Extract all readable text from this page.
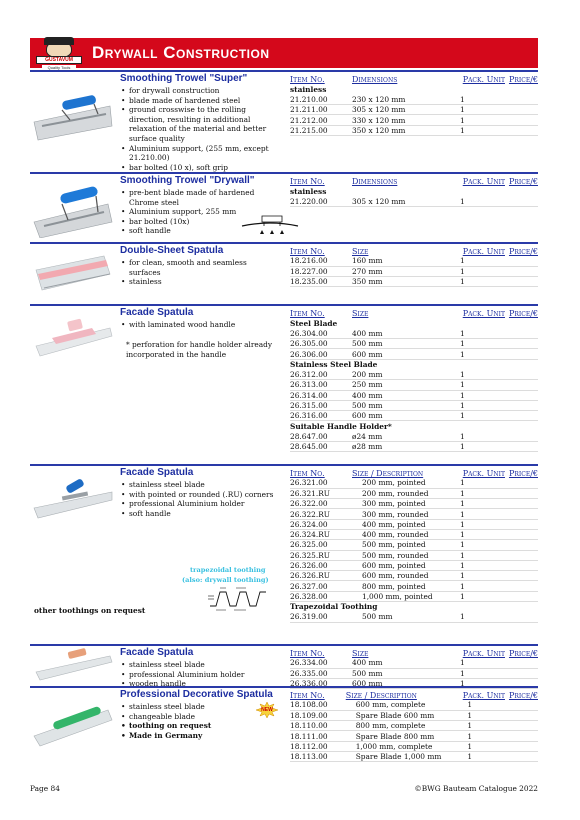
GUSTAVUM
Quality Tools
Drywall Construction
Smoothing Trowel "Super"
• for drywall construction
• blade made of hardened steel
• ground crosswise to the rolling direction, resulting in additional relaxation of the material and better surface quality
• Aluminium support, (255 mm, except 21.210.00)
• bar bolted (10 x), soft grip
Item No.	Dimensions	Pack. Unit Price/€
stainless		
21.210.00	230 x 120 mm	1
21.211.00	305 x 120 mm	1
21.212.00	330 x 120 mm	1
21.215.00	350 x 120 mm	1
Smoothing Trowel "Drywall"
• pre-bent blade made of hardened Chrome steel
• Aluminium support, 255 mm
• bar bolted (10x)
• soft handle
Item No.	Dimensions	Pack. Unit Price/€
stainless		
21.220.00	305 x 120 mm	1
Double-Sheet Spatula
• for clean, smooth and seamless surfaces
• stainless
Item No.	Size	Pack. Unit Price/€
18.216.00	160 mm	1
18.227.00	270 mm	1
18.235.00	350 mm	1
Facade Spatula
• with laminated wood handle
* perforation for handle holder already incorporated in the handle
Item No.	Size	Pack. Unit Price/€
Steel Blade		
26.304.00	400 mm	1
26.305.00	500 mm	1
26.306.00	600 mm	1
Stainless Steel Blade		
26.312.00	200 mm	1
26.313.00	250 mm	1
26.314.00	400 mm	1
26.315.00	500 mm	1
26.316.00	600 mm	1
Suitable Handle Holder*		
28.647.00	ø24 mm	1
28.645.00	ø28 mm	1
Facade Spatula
• stainless steel blade
• with pointed or rounded (.RU) corners
• professional Aluminium holder
• soft handle
trapezoidal toothing
(also: drywall toothing)
other toothings on request
Item No.	Size / Description	Pack. Unit Price/€
26.321.00	200 mm, pointed	1
26.321.RU	200 mm, rounded	1
26.322.00	300 mm, pointed	1
26.322.RU	300 mm, rounded	1
26.324.00	400 mm, pointed	1
26.324.RU	400 mm, rounded	1
26.325.00	500 mm, pointed	1
26.325.RU	500 mm, rounded	1
26.326.00	600 mm, pointed	1
26.326.RU	600 mm, rounded	1
26.327.00	800 mm, pointed	1
26.328.00	1,000 mm, pointed	1
Trapezoidal Toothing		
26.319.00	500 mm	1
Facade Spatula
• stainless steel blade
• professional Aluminium holder
• wooden handle
Item No.	Size	Pack. Unit Price/€
26.334.00	400 mm	1
26.335.00	500 mm	1
26.336.00	600 mm	1
Professional Decorative Spatula
• stainless steel blade
• changeable blade
• toothing on request
• Made in Germany
NEW
Item No.	Size / Description	Pack. Unit Price/€
18.108.00	600 mm, complete	1
18.109.00	Spare Blade 600 mm	1
18.110.00	800 mm, complete	1
18.111.00	Spare Blade 800 mm	1
18.112.00	1,000 mm, complete	1
18.113.00	Spare Blade 1,000 mm	1
Page 84	©BWG Bauteam Catalogue 2022
